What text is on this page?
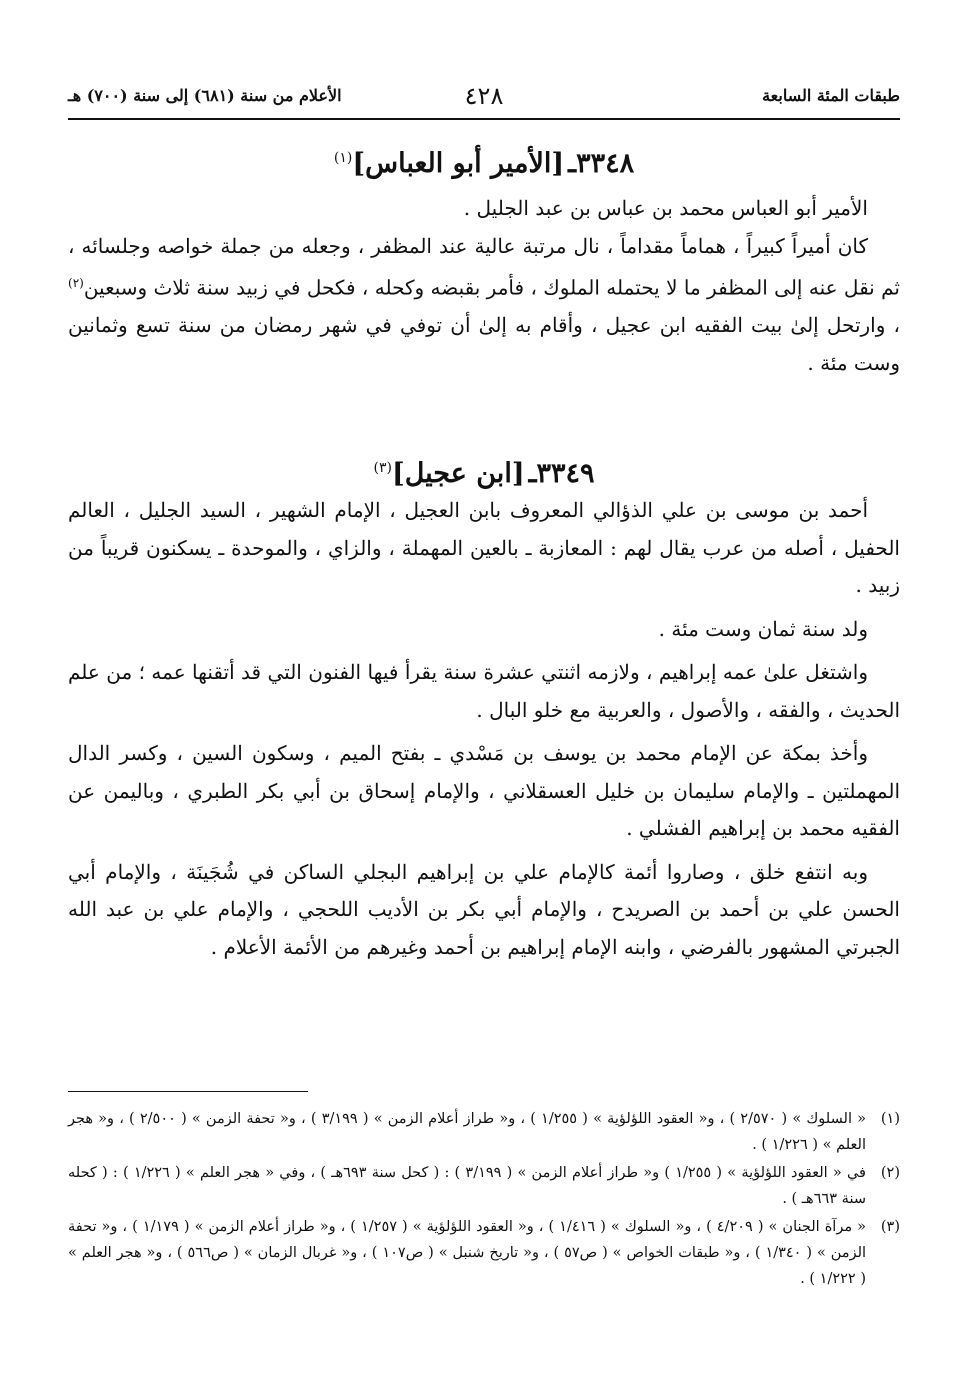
طبقات المئة السابعة
٤٢٨
الأعلام من سنة (٦٨١) إلى سنة (٧٠٠) هـ
٣٣٤٨ـ[الأمير أبو العباس]$^{(١)}$

الأمير أبو العباس محمد بن عباس بن عبد الجليل .

كان أميراً كبيراً ، هماماً مقداماً ، نال مرتبة عالية عند المظفر ، وجعله من جملة خواصه وجلسائه ، ثم نقل عنه إلى المظفر ما لا يحتمله الملوك ، فأمر بقبضه وكحله ، فكحل في زبيد سنة ثلاث وسبعين$^{(٢)}$ ، وارتحل إلىٰ بيت الفقيه ابن عجيل ، وأقام به إلىٰ أن توفي في شهر رمضان من سنة تسع وثمانين وست مئة .

٣٣٤٩ـ[ابن عجيل]$^{(٣)}$

أحمد بن موسى بن علي الذؤالي المعروف بابن العجيل ، الإمام الشهير ، السيد الجليل ، العالم الحفيل ، أصله من عرب يقال لهم : المعازبة ـ بالعين المهملة ، والزاي ، والموحدة ـ يسكنون قريباً من زبيد .

ولد سنة ثمان وست مئة .

واشتغل علىٰ عمه إبراهيم ، ولازمه اثنتي عشرة سنة يقرأ فيها الفنون التي قد أتقنها عمه ؛ من علم الحديث ، والفقه ، والأصول ، والعربية مع خلو البال .

وأخذ بمكة عن الإمام محمد بن يوسف بن مَسْدي ـ بفتح الميم ، وسكون السين ، وكسر الدال المهملتين ـ والإمام سليمان بن خليل العسقلاني ، والإمام إسحاق بن أبي بكر الطبري ، وباليمن عن الفقيه محمد بن إبراهيم الفشلي .

وبه انتفع خلق ، وصاروا أئمة كالإمام علي بن إبراهيم البجلي الساكن في شُجَينَة ، والإمام أبي الحسن علي بن أحمد بن الصريدح ، والإمام أبي بكر بن الأديب اللحجي ، والإمام علي بن عبد الله الجبرتي المشهور بالفرضي ، وابنه الإمام إبراهيم بن أحمد وغيرهم من الأئمة الأعلام .

(١)
« السلوك » ( ٢/٥٧٠ ) ، و« العقود اللؤلؤية » ( ١/٢٥٥ ) ، و« طراز أعلام الزمن » ( ٣/١٩٩ ) ، و« تحفة الزمن » ( ٢/٥٠٠ ) ، و« هجر العلم » ( ١/٢٢٦ ) .
(٢)
في « العقود اللؤلؤية » ( ١/٢٥٥ ) و« طراز أعلام الزمن » ( ٣/١٩٩ ) : ( كحل سنة ٦٩٣هـ ) ، وفي « هجر العلم » ( ١/٢٢٦ ) : ( كحله سنة ٦٦٣هـ ) .
(٣)
« مرآة الجنان » ( ٤/٢٠٩ ) ، و« السلوك » ( ١/٤١٦ ) ، و« العقود اللؤلؤية » ( ١/٢٥٧ ) ، و« طراز أعلام الزمن » ( ١/١٧٩ ) ، و« تحفة الزمن » ( ١/٣٤٠ ) ، و« طبقات الخواص » ( ص٥٧ ) ، و« تاريخ شنبل » ( ص١٠٧ ) ، و« غربال الزمان » ( ص٥٦٦ ) ، و« هجر العلم » ( ١/٢٢٢ ) .
